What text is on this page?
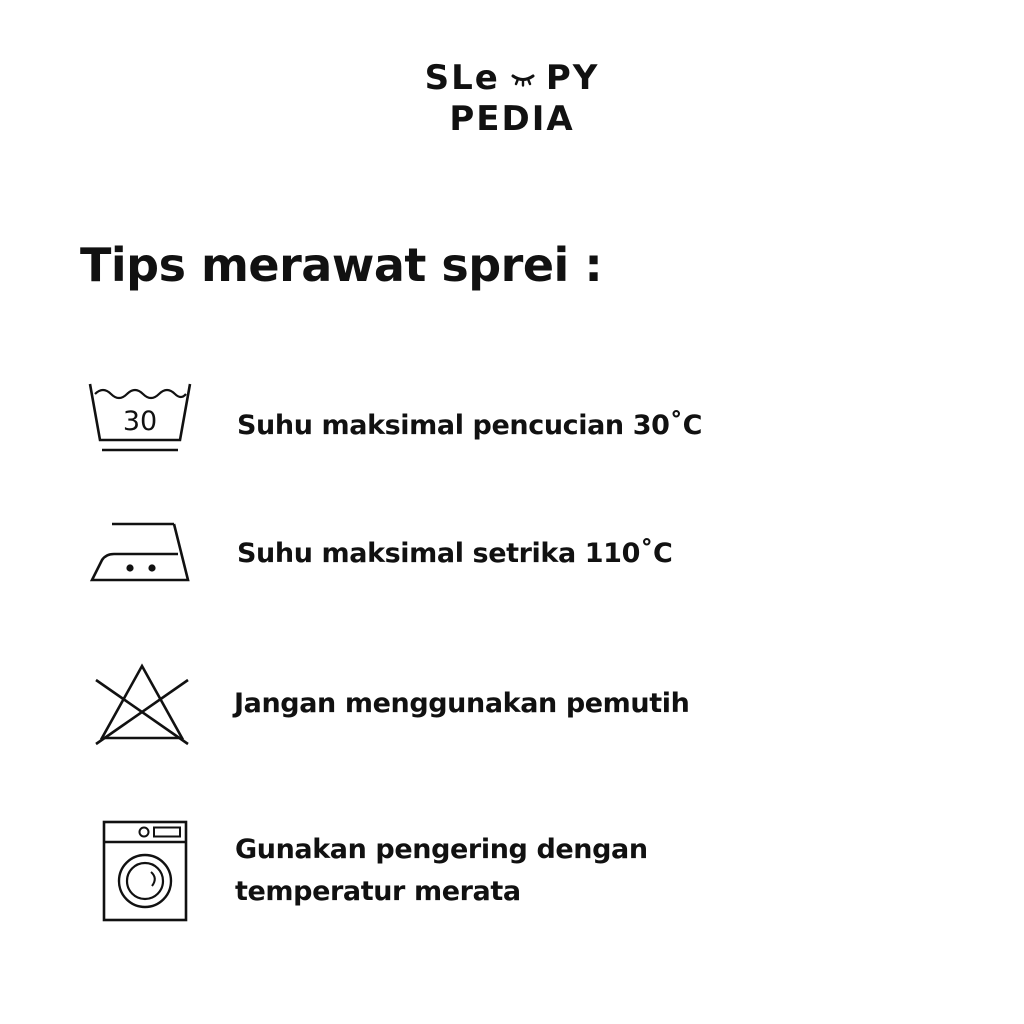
SLe PY
PEDIA
Tips merawat sprei :
30	Suhu maksimal pencucian 30˚C
Suhu maksimal setrika 110˚C
Jangan menggunakan pemutih
Gunakan pengering dengan
temperatur merata
